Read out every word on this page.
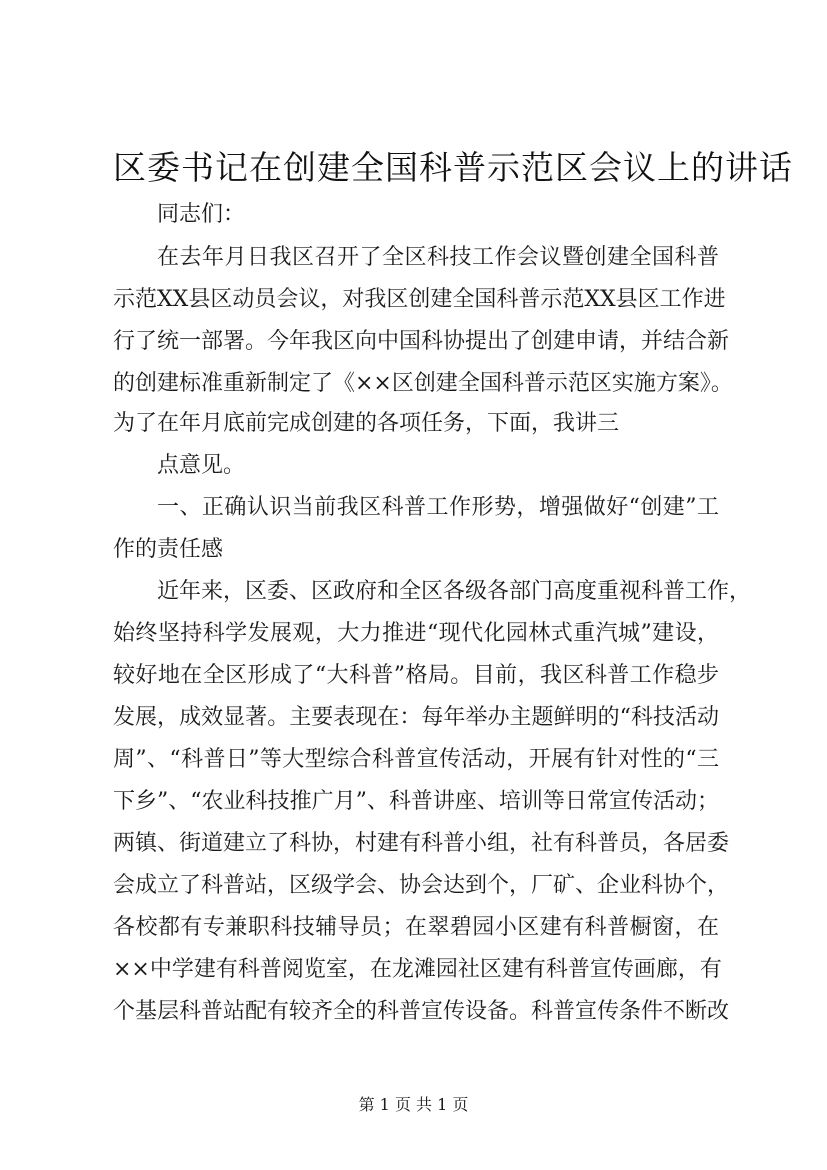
区委书记在创建全国科普示范区会议上的讲话
同志们：
在去年月日我区召开了全区科技工作会议暨创建全国科普
示范XX县区动员会议，对我区创建全国科普示范XX县区工作进
行了统一部署。今年我区向中国科协提出了创建申请，并结合新
的创建标准重新制定了《××区创建全国科普示范区实施方案》。
为了在年月底前完成创建的各项任务，下面，我讲三
点意见。
一、正确认识当前我区科普工作形势，增强做好“创建”工
作的责任感
近年来，区委、区政府和全区各级各部门高度重视科普工作，
始终坚持科学发展观，大力推进“现代化园林式重汽城”建设，
较好地在全区形成了“大科普”格局。目前，我区科普工作稳步
发展，成效显著。主要表现在：每年举办主题鲜明的“科技活动
周”、“科普日”等大型综合科普宣传活动，开展有针对性的“三
下乡”、“农业科技推广月”、科普讲座、培训等日常宣传活动；
两镇、街道建立了科协，村建有科普小组，社有科普员，各居委
会成立了科普站，区级学会、协会达到个，厂矿、企业科协个，
各校都有专兼职科技辅导员；在翠碧园小区建有科普橱窗，在
××中学建有科普阅览室，在龙滩园社区建有科普宣传画廊，有
个基层科普站配有较齐全的科普宣传设备。科普宣传条件不断改
第 1 页 共 1 页
